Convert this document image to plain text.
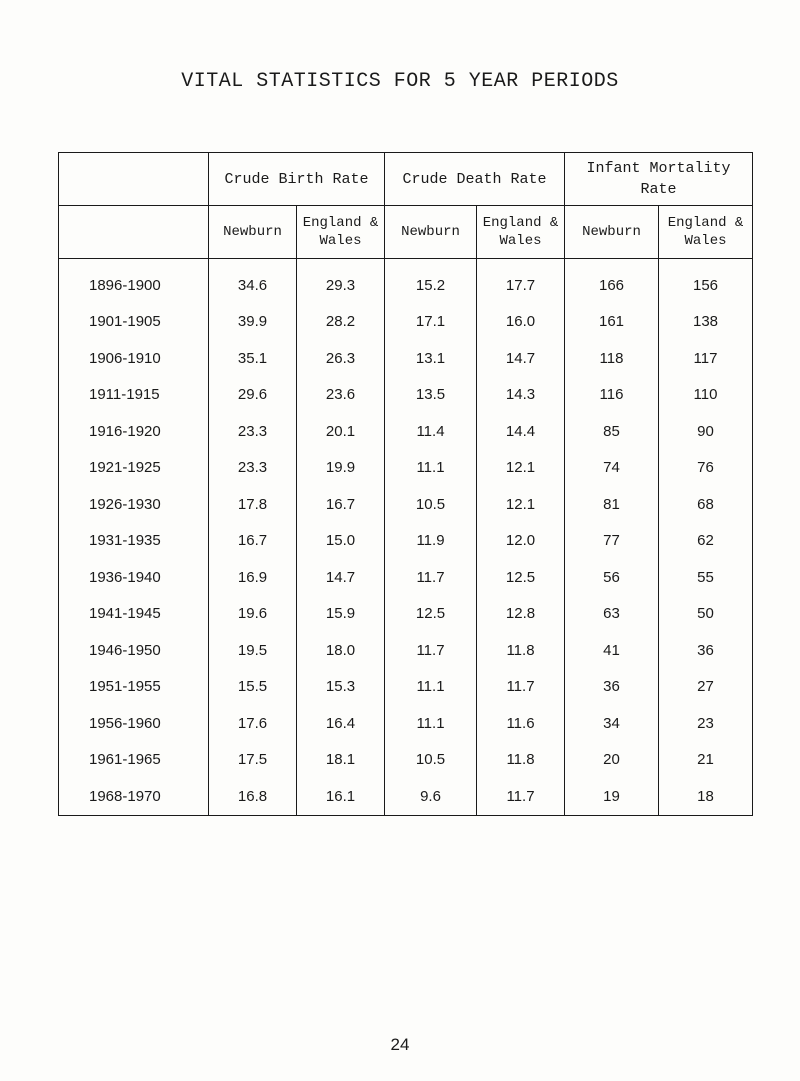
VITAL STATISTICS FOR 5 YEAR PERIODS
	Crude Birth Rate		Crude Death Rate		Infant Mortality Rate	
	Newburn	England & Wales	Newburn	England & Wales	Newburn	England & Wales
1896-1900	34.6	29.3	15.2	17.7	166	156
1901-1905	39.9	28.2	17.1	16.0	161	138
1906-1910	35.1	26.3	13.1	14.7	118	117
1911-1915	29.6	23.6	13.5	14.3	116	110
1916-1920	23.3	20.1	11.4	14.4	85	90
1921-1925	23.3	19.9	11.1	12.1	74	76
1926-1930	17.8	16.7	10.5	12.1	81	68
1931-1935	16.7	15.0	11.9	12.0	77	62
1936-1940	16.9	14.7	11.7	12.5	56	55
1941-1945	19.6	15.9	12.5	12.8	63	50
1946-1950	19.5	18.0	11.7	11.8	41	36
1951-1955	15.5	15.3	11.1	11.7	36	27
1956-1960	17.6	16.4	11.1	11.6	34	23
1961-1965	17.5	18.1	10.5	11.8	20	21
1968-1970	16.8	16.1	9.6	11.7	19	18
24
